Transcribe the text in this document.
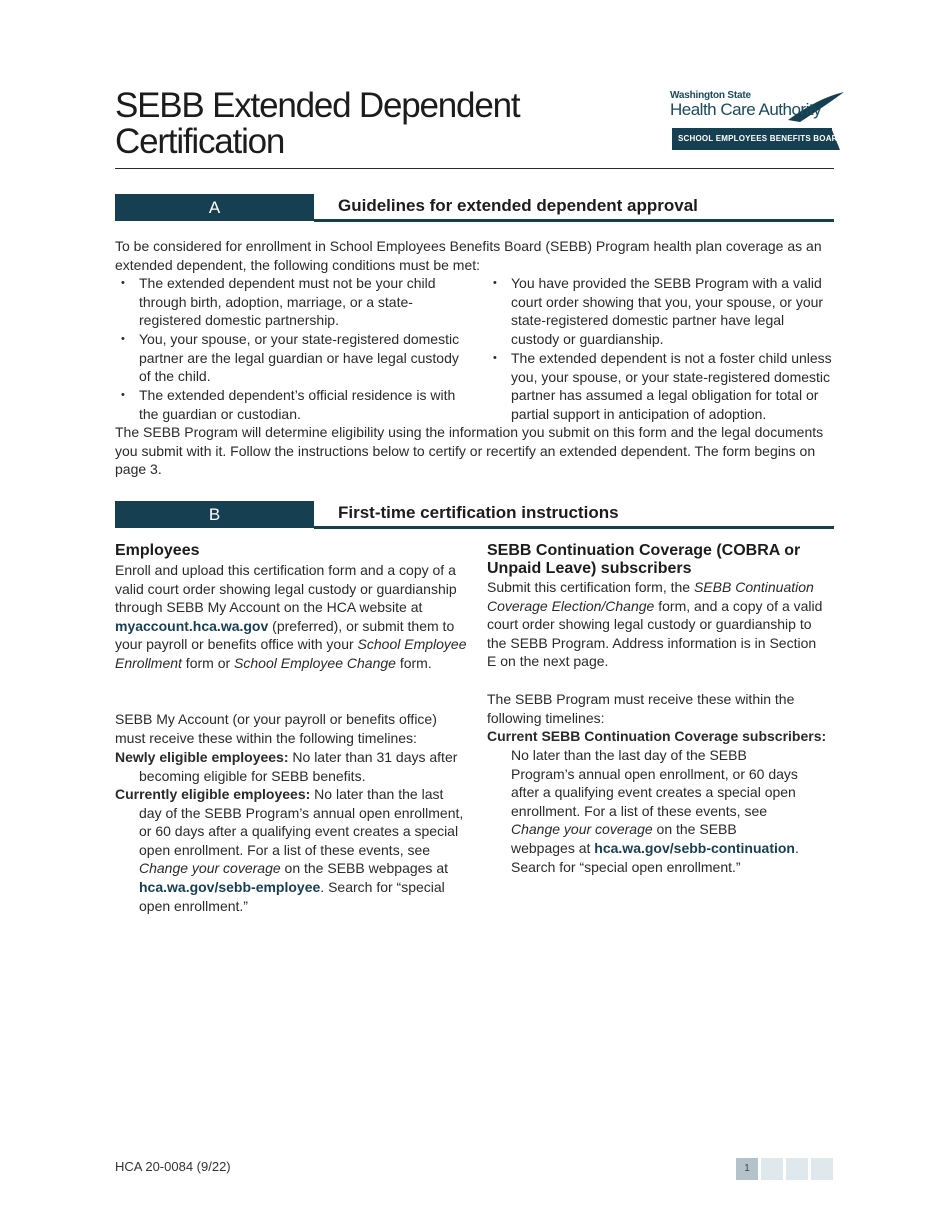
SEBB Extended Dependent Certification
Washington State
Health Care Authority
SCHOOL EMPLOYEES BENEFITS BOARD
A	Guidelines for extended dependent approval

To be considered for enrollment in School Employees Benefits Board (SEBB) Program health plan coverage as an extended dependent, the following conditions must be met:

• The extended dependent must not be your child through birth, adoption, marriage, or a state-registered domestic partnership.

• You, your spouse, or your state-registered domestic partner are the legal guardian or have legal custody of the child.

• The extended dependent’s official residence is with the guardian or custodian.

• You have provided the SEBB Program with a valid court order showing that you, your spouse, or your state-registered domestic partner have legal custody or guardianship.

• The extended dependent is not a foster child unless you, your spouse, or your state-registered domestic partner has assumed a legal obligation for total or partial support in anticipation of adoption.

The SEBB Program will determine eligibility using the information you submit on this form and the legal documents you submit with it. Follow the instructions below to certify or recertify an extended dependent. The form begins on page 3.

B	First-time certification instructions
Employees

Enroll and upload this certification form and a copy of a valid court order showing legal custody or guardianship through SEBB My Account on the HCA website at myaccount.hca.wa.gov (preferred), or submit them to your payroll or benefits office with your School Employee Enrollment form or School Employee Change form.

SEBB My Account (or your payroll or benefits office) must receive these within the following timelines:

Newly eligible employees: No later than 31 days after becoming eligible for SEBB benefits.

Currently eligible employees: No later than the last day of the SEBB Program’s annual open enrollment, or 60 days after a qualifying event creates a special open enrollment. For a list of these events, see Change your coverage on the SEBB webpages at hca.wa.gov/sebb-employee. Search for “special open enrollment.”

SEBB Continuation Coverage (COBRA or Unpaid Leave) subscribers

Submit this certification form, the SEBB Continuation Coverage Election/Change form, and a copy of a valid court order showing legal custody or guardianship to the SEBB Program. Address information is in Section E on the next page.

The SEBB Program must receive these within the following timelines:

Current SEBB Continuation Coverage subscribers:

No later than the last day of the SEBB Program’s annual open enrollment, or 60 days after a qualifying event creates a special open enrollment. For a list of these events, see Change your coverage on the SEBB webpages at hca.wa.gov/sebb-continuation. Search for “special open enrollment.”

HCA 20-0084 (9/22)	1
